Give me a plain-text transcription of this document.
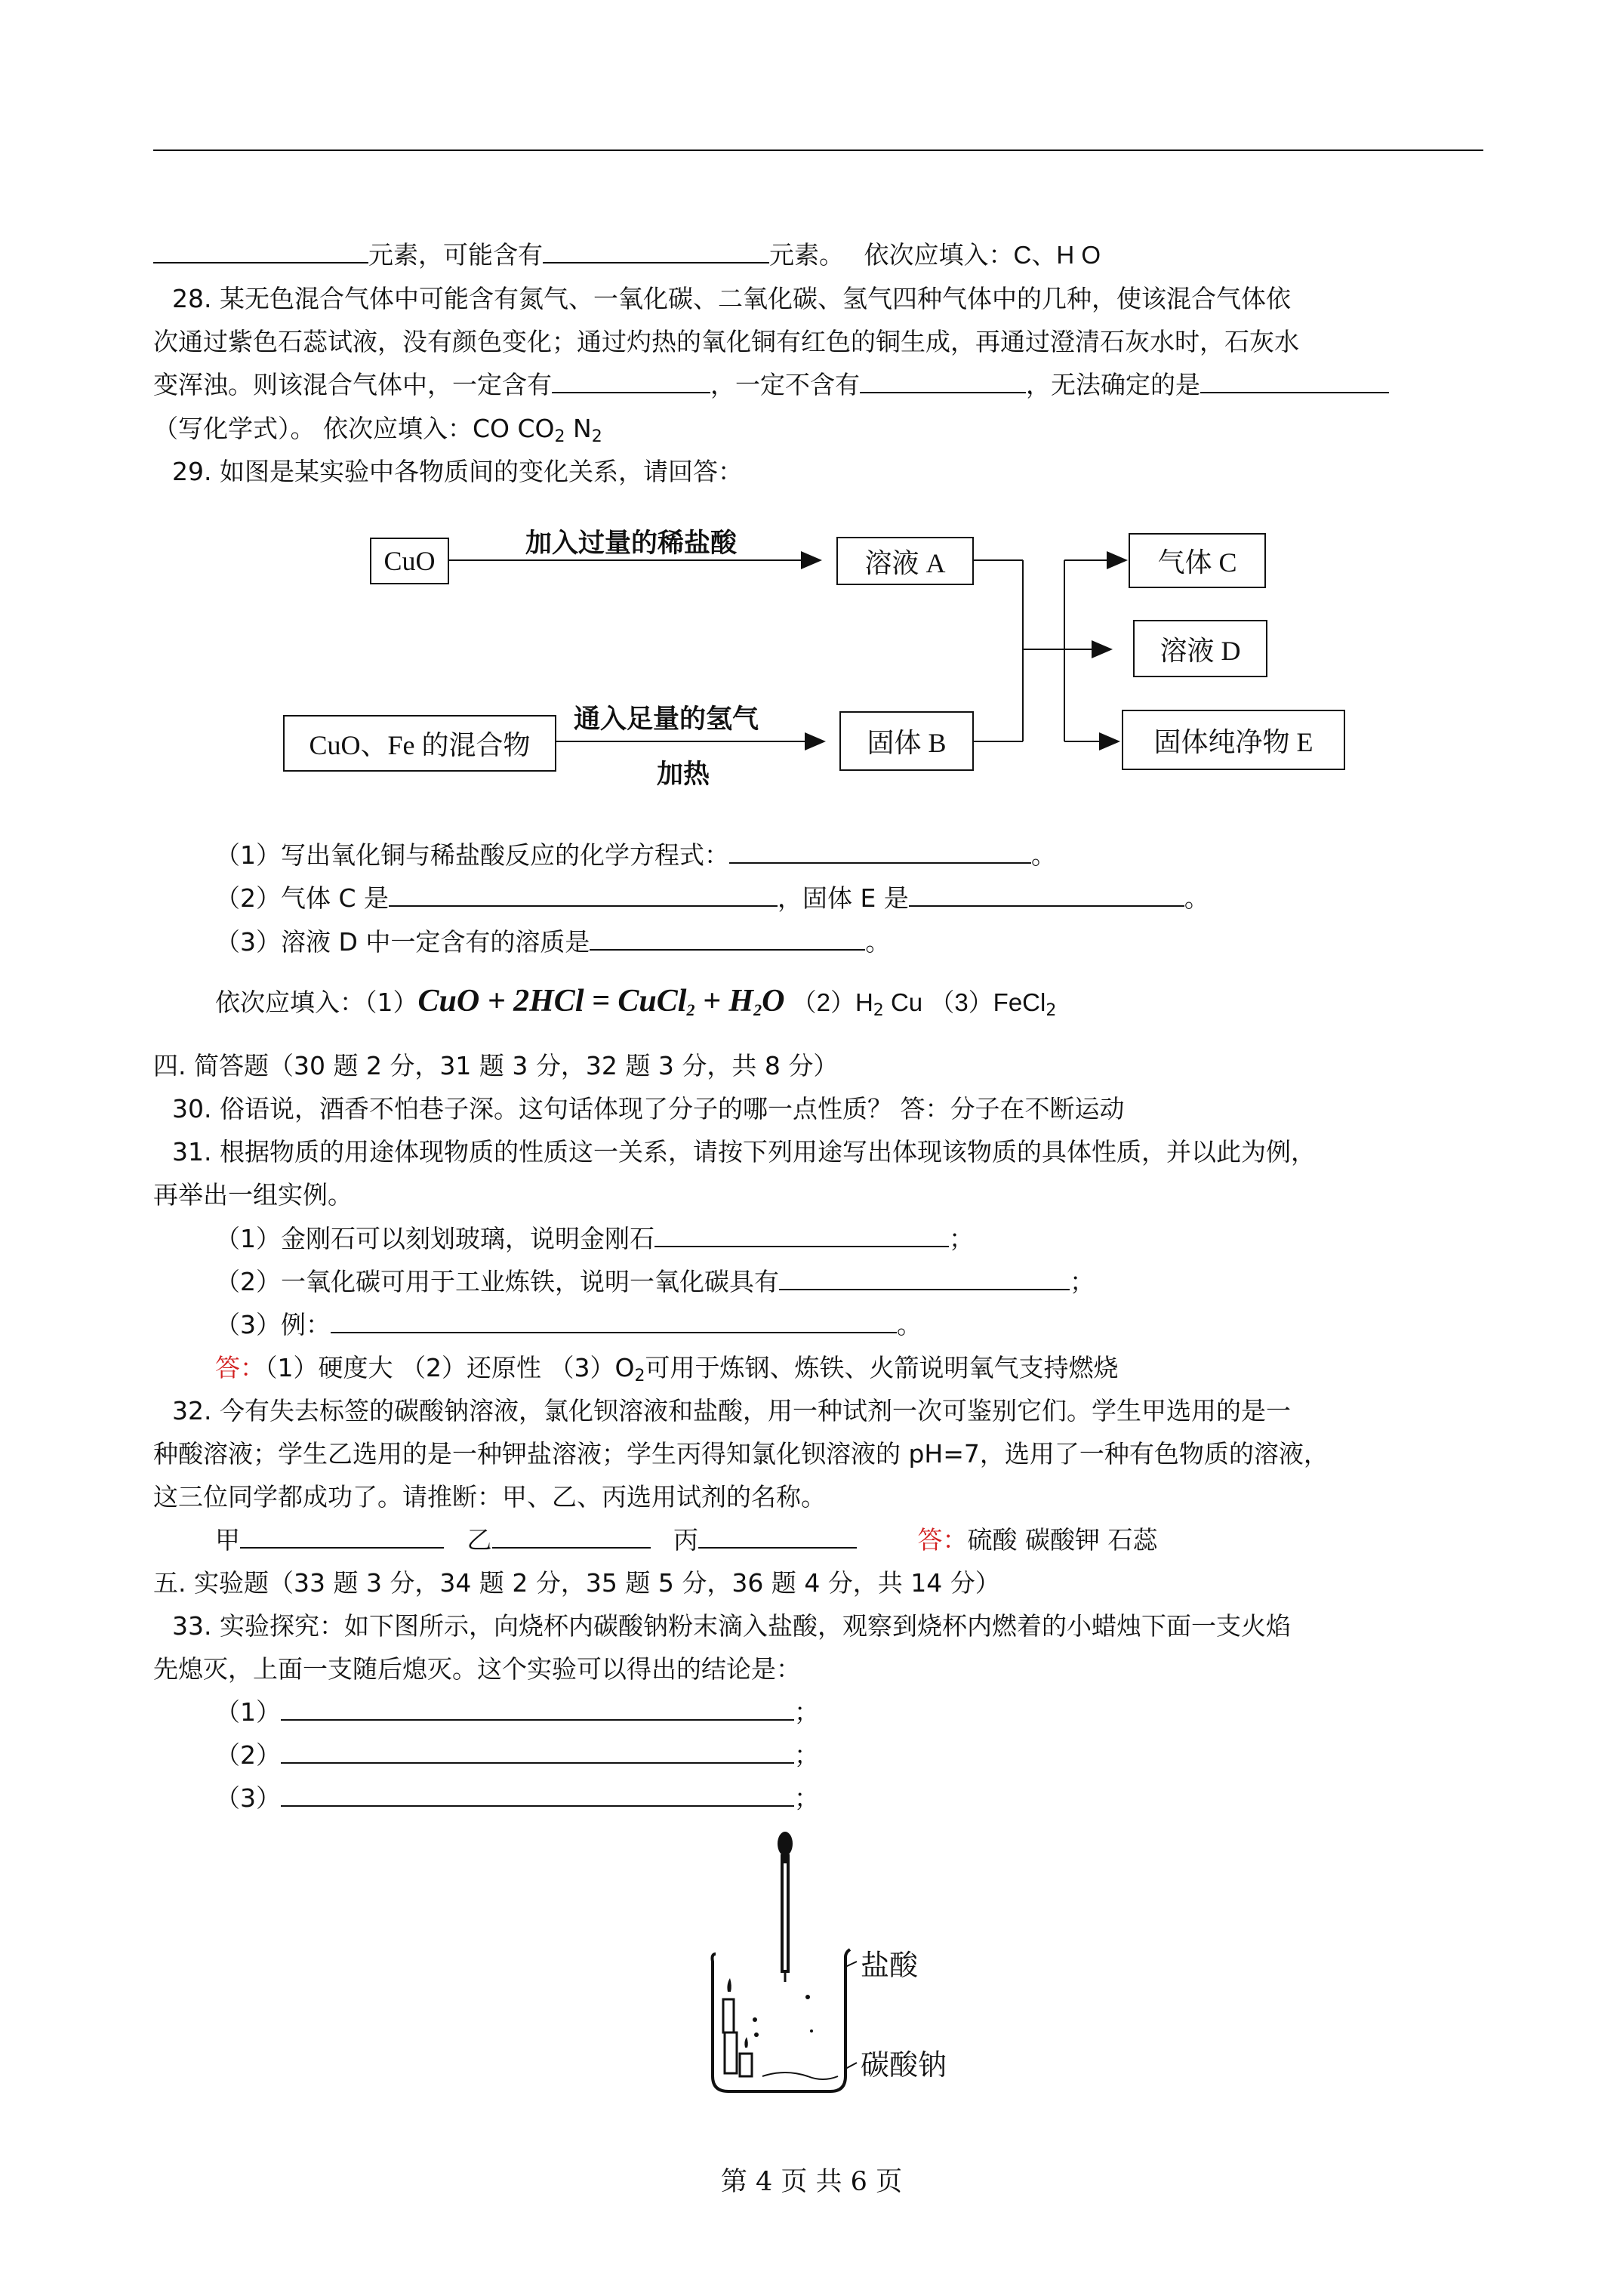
元素，可能含有	元素。 依次应填入：C、H O
28. 某无色混合气体中可能含有氮气、一氧化碳、二氧化碳、氢气四种气体中的几种，使该混合气体依
次通过紫色石蕊试液，没有颜色变化；通过灼热的氧化铜有红色的铜生成，再通过澄清石灰水时，石灰水
变浑浊。则该混合气体中，一定含有	，一定不含有	，无法确定的是
（写化学式）。 依次应填入：CO $CO_2$ $N_2$
29. 如图是某实验中各物质间的变化关系，请回答：
CuO
加入过量的稀盐酸
溶液 A	气体 C
溶液 D
CuO、Fe 的混合物
通入足量的氢气
加热
固体 B	固体纯净物 E
（1）写出氧化铜与稀盐酸反应的化学方程式：	。
（2）气体 C 是	，固体 E 是	。
（3）溶液 D 中一定含有的溶质是	。
依次应填入：（1）CuO + 2HCl = CuCl$_2$ + $H_2O$ $(2)H_2$ Cu （3）FeCl$_2$
四. 简答题（30 题 2 分，31 题 3 分，32 题 3 分，共 8 分）
30. 俗语说，酒香不怕巷子深。这句话体现了分子的哪一点性质？ 答：分子在不断运动
31. 根据物质的用途体现物质的性质这一关系，请按下列用途写出体现该物质的具体性质，并以此为例，
再举出一组实例。
（1）金刚石可以刻划玻璃，说明金刚石	；
（2）一氧化碳可用于工业炼铁，说明一氧化碳具有	；
（3）例：	。
答：（1）硬度大 （2）还原性 $(3)O_2$可用于炼钢、炼铁、火箭说明氧气支持燃烧
32. 今有失去标签的碳酸钠溶液，氯化钡溶液和盐酸，用一种试剂一次可鉴别它们。学生甲选用的是一
种酸溶液；学生乙选用的是一种钾盐溶液；学生丙得知氯化钡溶液的 pH=7，选用了一种有色物质的溶液，
这三位同学都成功了。请推断：甲、乙、丙选用试剂的名称。
甲	乙	丙	答：硫酸 碳酸钾 石蕊
五. 实验题（33 题 3 分，34 题 2 分，35 题 5 分，36 题 4 分，共 14 分）
33. 实验探究：如下图所示，向烧杯内碳酸钠粉末滴入盐酸，观察到烧杯内燃着的小蜡烛下面一支火焰
先熄灭，上面一支随后熄灭。这个实验可以得出的结论是：
（1）	；
（2）	；
（3）	；
盐酸
碳酸钠
第 4 页 共 6 页
